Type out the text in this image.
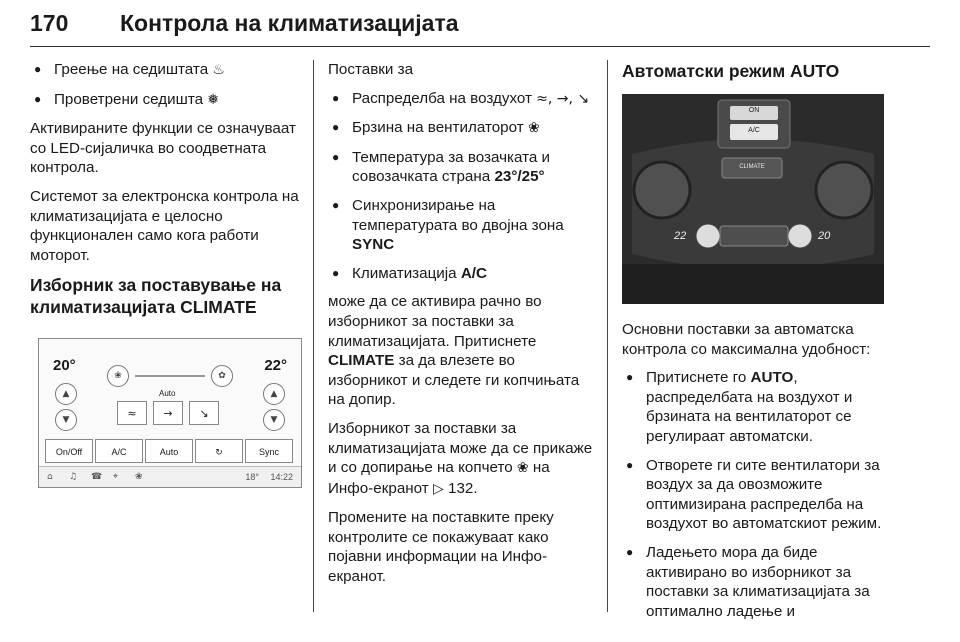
170 Контрола на климатизацијата
● Греење на седиштата ♨
● Проветрени седишта ❅

Активираните функции се означуваат со LED-сијаличка во соодветната контрола.

Системот за електронска контрола на климатизацијата е целосно функционален само кога работи моторот.

Изборник за поставување на климатизацијата CLIMATE
20°	22°
▲
▼
▲
▼
❀	✿
Auto
≈	→	↘
On/Off	A/C	Auto	↻	Sync
⌂ ♫ ☎ ⌖ ❀	18° 14:22

Поставки за

● Распределба на воздухот ≈, →, ↘
● Брзина на вентилаторот ❀
● Температура за возачката и совозачката страна 23°/25°
● Синхронизирање на температурата во двојна зона
SYNC
● Климатизација A/C

може да се активира рачно во изборникот за поставки за климатизацијата. Притиснете CLIMATE за да влезете во изборникот и следете ги копчињата на допир.

Изборникот за поставки за климатизацијата може да се прикаже и со допирање на копчето ❀ на Инфо-екранот ▷ 132.

Промените на поставките преку контролите се покажуваат како појавни информации на Инфо-екранот.

Автоматски режим AUTO
ON
A/C
CLIMATE
22	20

Основни поставки за автоматска контрола со максимална удобност:

● Притиснете го AUTO, распределбата на воздухот и брзината на вентилаторот се регулираат автоматски.
● Отворете ги сите вентилатори за воздух за да овозможите оптимизирана распределба на воздухот во автоматскиот режим.
● Ладењето мора да биде активирано во изборникот за поставки за климатизацијата за оптимално ладење и
